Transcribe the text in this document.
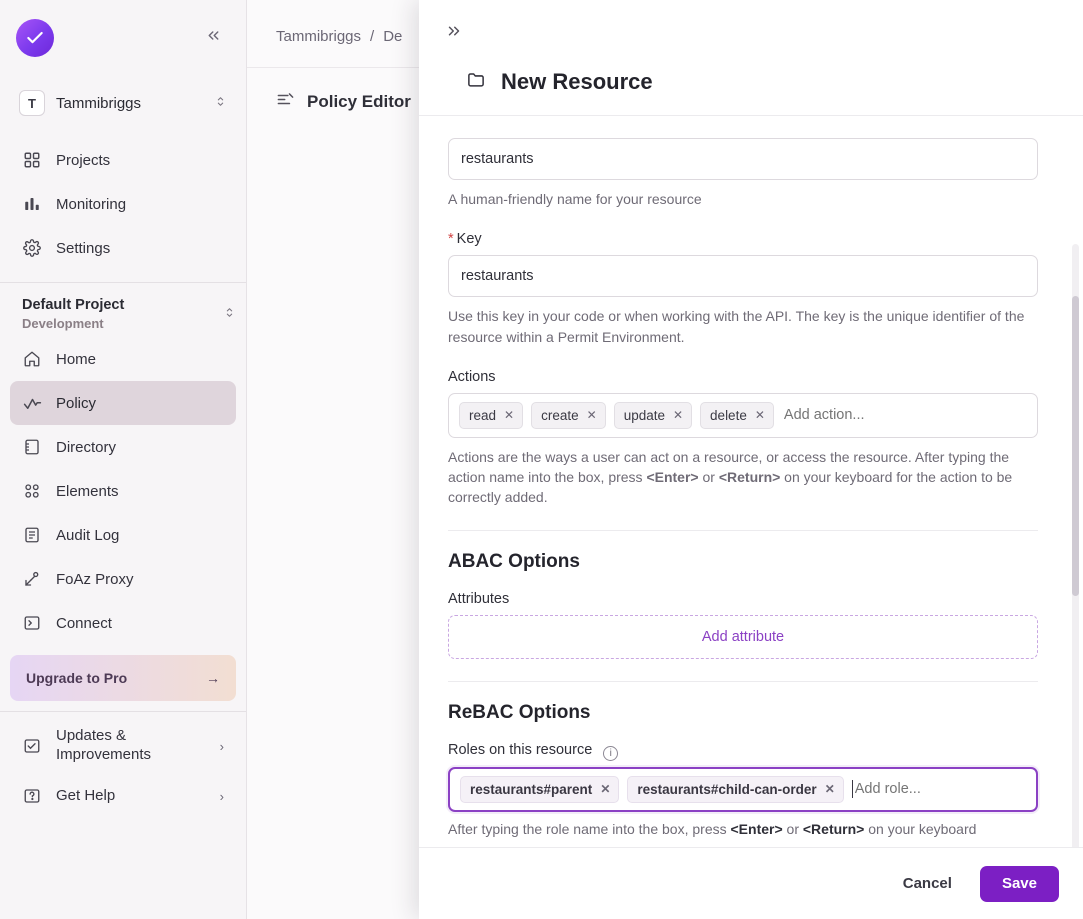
T	Tammibriggs
Projects
Monitoring
Settings
Default Project
Development
Home
Policy
Directory
Elements
Audit Log
FoAz Proxy
Connect
Upgrade to Pro	→
Updates & Improvements	›
Get Help	›
Tammibriggs / De
Policy Editor
New Resource
restaurants
A human-friendly name for your resource
* Key
restaurants
Use this key in your code or when working with the API. The key is the unique identifier of the resource within a Permit Environment.
Actions
read ✕ create ✕ update ✕ delete ✕
Add action...
Actions are the ways a user can act on a resource, or access the resource. After typing the action name into the box, press <Enter> or <Return> on your keyboard for the action to be correctly added.
ABAC Options
Attributes
Add attribute
ReBAC Options
Roles on this resource i
restaurants#parent ✕ restaurants#child-can-order ✕
Add role...
After typing the role name into the box, press <Enter> or <Return> on your keyboard
Cancel	Save
